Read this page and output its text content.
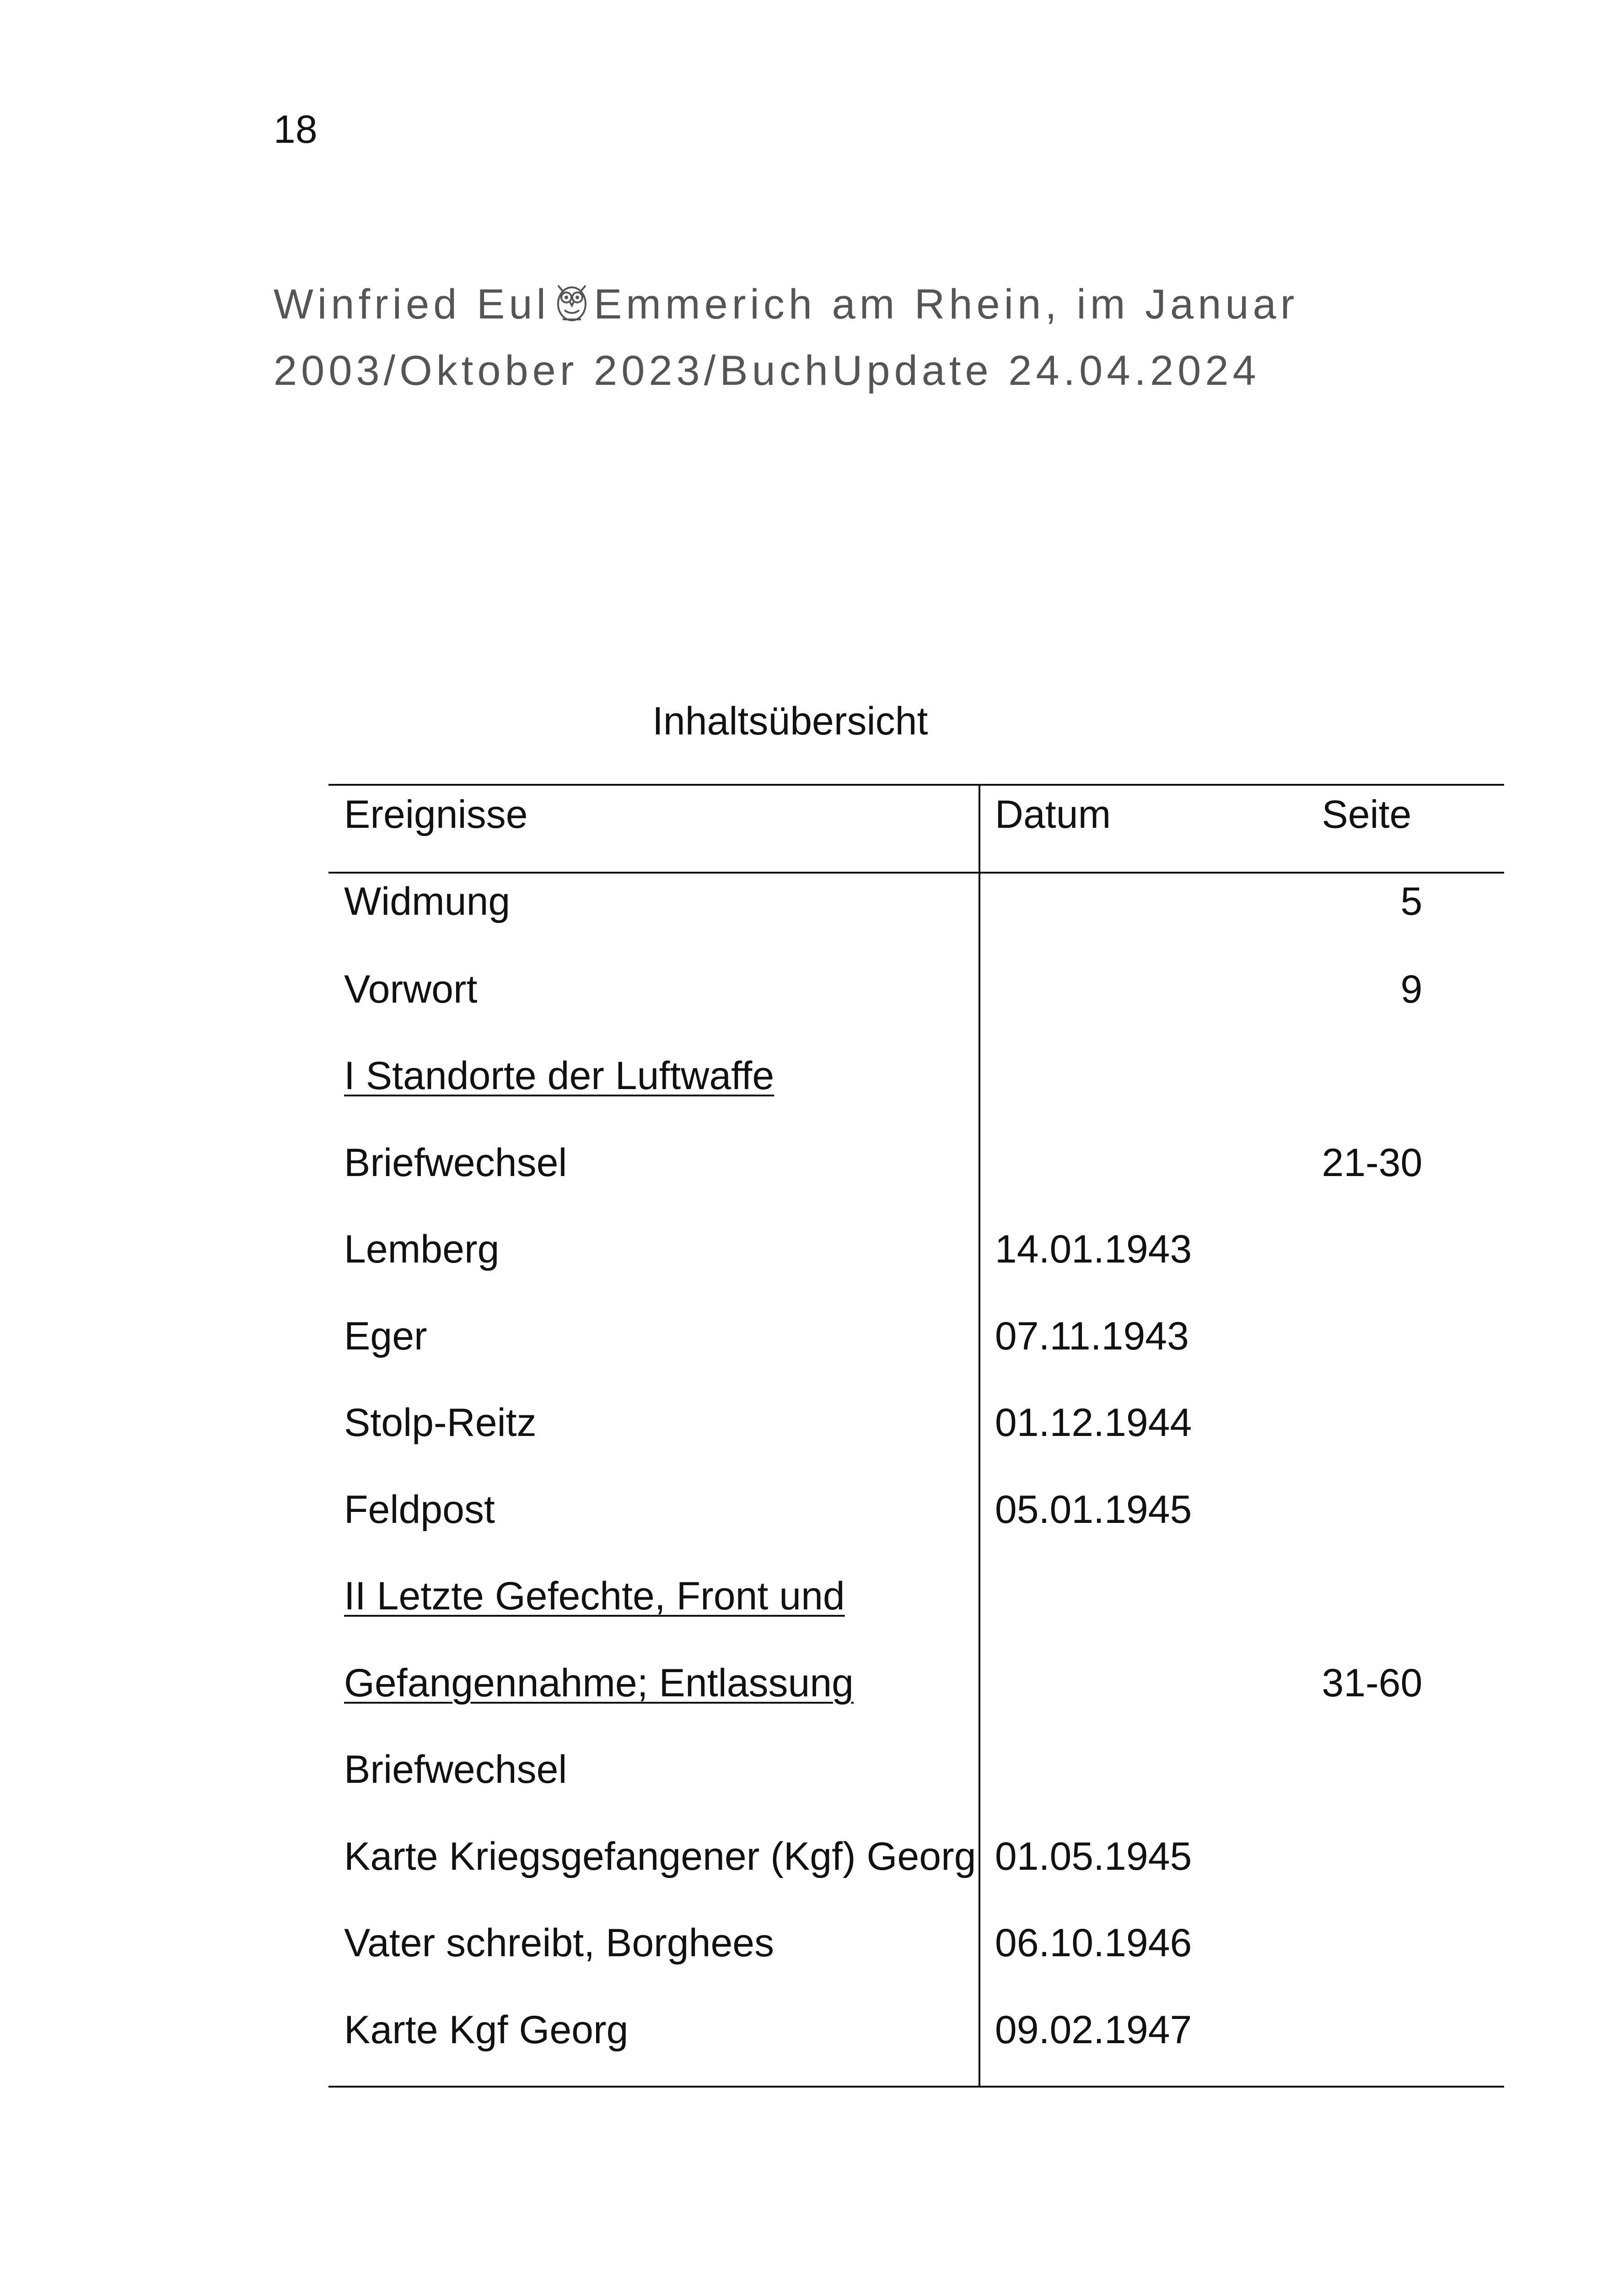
18
Winfried Eul Emmerich am Rhein, im Januar
2003/Oktober 2023/BuchUpdate 24.04.2024
Inhaltsübersicht
Ereignisse	Datum	Seite
Widmung		5
Vorwort		9
I Standorte der Luftwaffe		
Briefwechsel		21-30
Lemberg	14.01.1943	
Eger	07.11.1943	
Stolp-Reitz	01.12.1944	
Feldpost	05.01.1945	
II Letzte Gefechte, Front und		
Gefangennahme; Entlassung		31-60
Briefwechsel		
Karte Kriegsgefangener (Kgf) Georg	01.05.1945	
Vater schreibt, Borghees	06.10.1946	
Karte Kgf Georg	09.02.1947	
